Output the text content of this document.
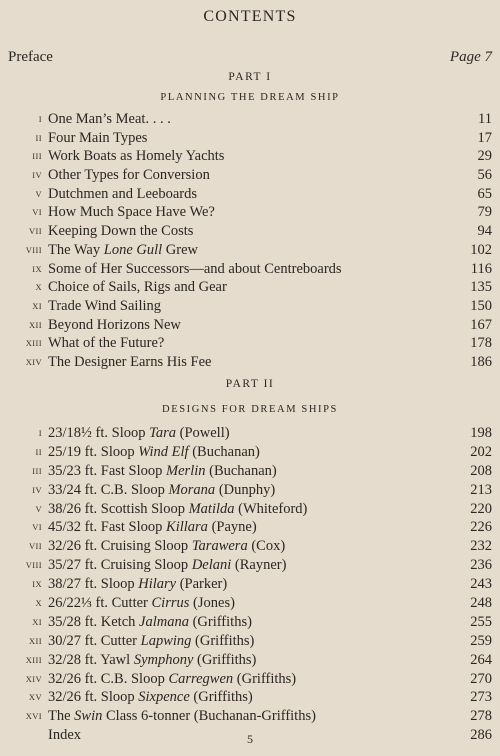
CONTENTS
Preface	Page 7
PART I
PLANNING THE DREAM SHIP
I One Man’s Meat. . . .	11
II Four Main Types	17
III Work Boats as Homely Yachts	29
IV Other Types for Conversion	56
V Dutchmen and Leeboards	65
VI How Much Space Have We?	79
VII Keeping Down the Costs	94
VIII The Way Lone Gull Grew	102
IX Some of Her Successors—and about Centreboards	116
X Choice of Sails, Rigs and Gear	135
XI Trade Wind Sailing	150
XII Beyond Horizons New	167
XIII What of the Future?	178
XIV The Designer Earns His Fee	186
PART II
DESIGNS FOR DREAM SHIPS
I 23/18½ ft. Sloop Tara (Powell)	198
II 25/19 ft. Sloop Wind Elf (Buchanan)	202
III 35/23 ft. Fast Sloop Merlin (Buchanan)	208
IV 33/24 ft. C.B. Sloop Morana (Dunphy)	213
V 38/26 ft. Scottish Sloop Matilda (Whiteford)	220
VI 45/32 ft. Fast Sloop Killara (Payne)	226
VII 32/26 ft. Cruising Sloop Tarawera (Cox)	232
VIII 35/27 ft. Cruising Sloop Delani (Rayner)	236
IX 38/27 ft. Sloop Hilary (Parker)	243
X 26/22⅓ ft. Cutter Cirrus (Jones)	248
XI 35/28 ft. Ketch Jalmana (Griffiths)	255
XII 30/27 ft. Cutter Lapwing (Griffiths)	259
XIII 32/28 ft. Yawl Symphony (Griffiths)	264
XIV 32/26 ft. C.B. Sloop Carregwen (Griffiths)	270
XV 32/26 ft. Sloop Sixpence (Griffiths)	273
XVI The Swin Class 6-tonner (Buchanan-Griffiths)	278
Index	286
5
